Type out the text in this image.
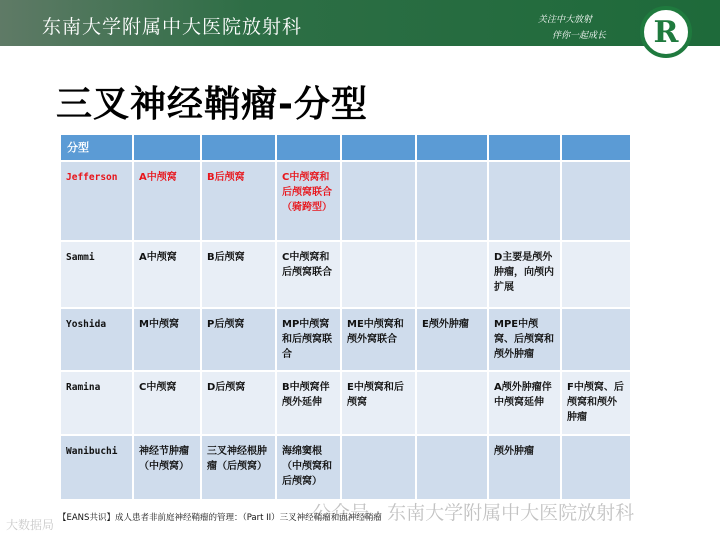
东南大学附属中大医院放射科	关注中大放射
伴你一起成长 R
三叉神经鞘瘤-分型
分型							
Jefferson	A中颅窝	B后颅窝	C中颅窝和后颅窝联合（骑跨型）				
Sammi	A中颅窝	B后颅窝	C中颅窝和后颅窝联合			D主要是颅外肿瘤，向颅内扩展	
Yoshida	M中颅窝	P后颅窝	MP中颅窝和后颅窝联合	ME中颅窝和颅外窝联合	E颅外肿瘤	MPE中颅窝、后颅窝和颅外肿瘤	
Ramina	C中颅窝	D后颅窝	B中颅窝伴颅外延伸	E中颅窝和后颅窝		A颅外肿瘤伴中颅窝延伸	F中颅窝、后颅窝和颅外肿瘤
Wanibuchi	神经节肿瘤（中颅窝）	三叉神经根肿瘤（后颅窝）	海绵窦根（中颅窝和后颅窝）			颅外肿瘤	
【EANS共识】成人患者非前庭神经鞘瘤的管理：（Part II）三叉神经鞘瘤和面神经鞘瘤
公众号 · 东南大学附属中大医院放射科
大数据局
